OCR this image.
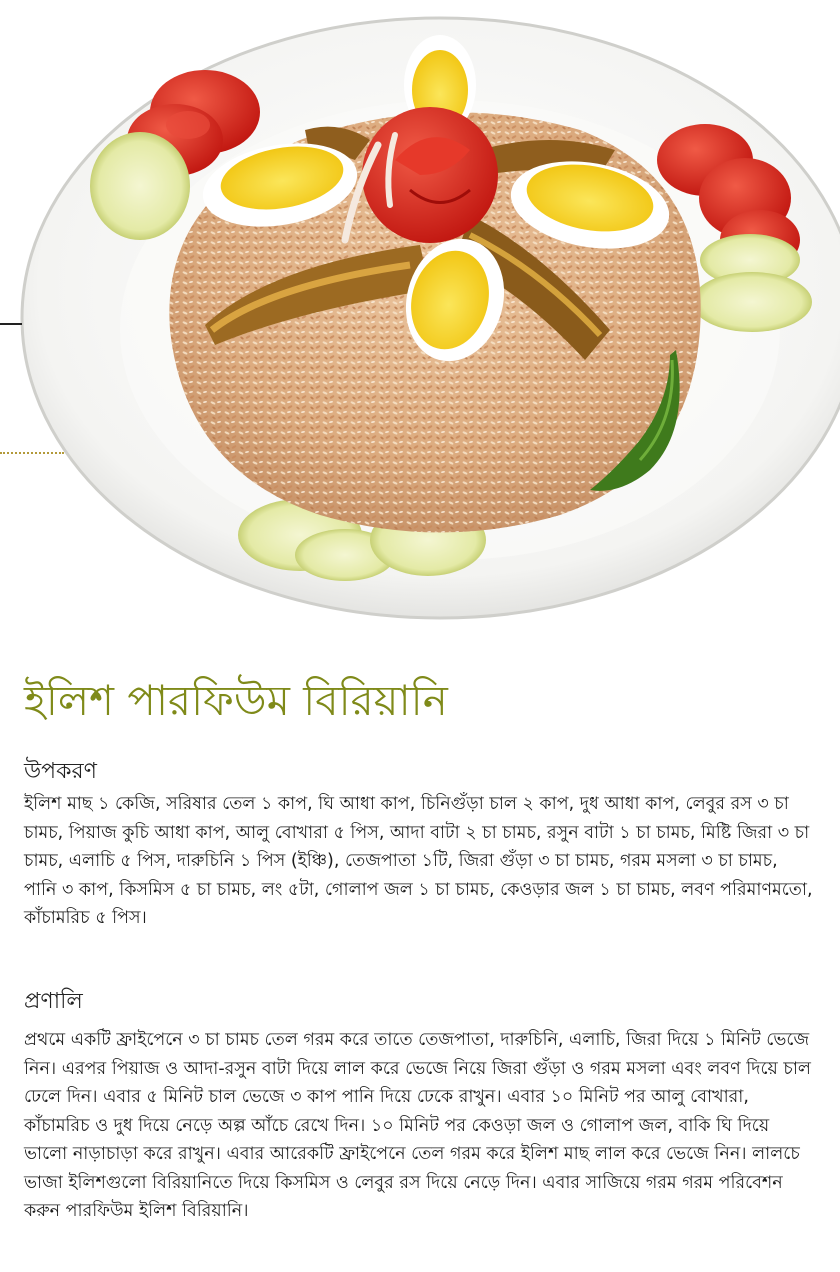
ইলিশ পারফিউম বিরিয়ানি
উপকরণ

ইলিশ মাছ ১ কেজি, সরিষার তেল ১ কাপ, ঘি আধা কাপ, চিনিগুঁড়া চাল ২ কাপ, দুধ আধা কাপ, লেবুর রস ৩ চা চামচ, পিয়াজ কুচি আধা কাপ, আলু বোখারা ৫ পিস, আদা বাটা ২ চা চামচ, রসুন বাটা ১ চা চামচ, মিষ্টি জিরা ৩ চা চামচ, এলাচি ৫ পিস, দারুচিনি ১ পিস (ইঞ্চি), তেজপাতা ১টি, জিরা গুঁড়া ৩ চা চামচ, গরম মসলা ৩ চা চামচ, পানি ৩ কাপ, কিসমিস ৫ চা চামচ, লং ৫টা, গোলাপ জল ১ চা চামচ, কেওড়ার জল ১ চা চামচ, লবণ পরিমাণমতো, কাঁচামরিচ ৫ পিস।

প্রণালি

প্রথমে একটি ফ্রাইপেনে ৩ চা চামচ তেল গরম করে তাতে তেজপাতা, দারুচিনি, এলাচি, জিরা দিয়ে ১ মিনিট ভেজে নিন। এরপর পিয়াজ ও আদা-রসুন বাটা দিয়ে লাল করে ভেজে নিয়ে জিরা গুঁড়া ও গরম মসলা এবং লবণ দিয়ে চাল ঢেলে দিন। এবার ৫ মিনিট চাল ভেজে ৩ কাপ পানি দিয়ে ঢেকে রাখুন। এবার ১০ মিনিট পর আলু বোখারা, কাঁচামরিচ ও দুধ দিয়ে নেড়ে অল্প আঁচে রেখে দিন। ১০ মিনিট পর কেওড়া জল ও গোলাপ জল, বাকি ঘি দিয়ে ভালো নাড়াচাড়া করে রাখুন। এবার আরেকটি ফ্রাইপেনে তেল গরম করে ইলিশ মাছ লাল করে ভেজে নিন। লালচে ভাজা ইলিশগুলো বিরিয়ানিতে দিয়ে কিসমিস ও লেবুর রস দিয়ে নেড়ে দিন। এবার সাজিয়ে গরম গরম পরিবেশন করুন পারফিউম ইলিশ বিরিয়ানি।
